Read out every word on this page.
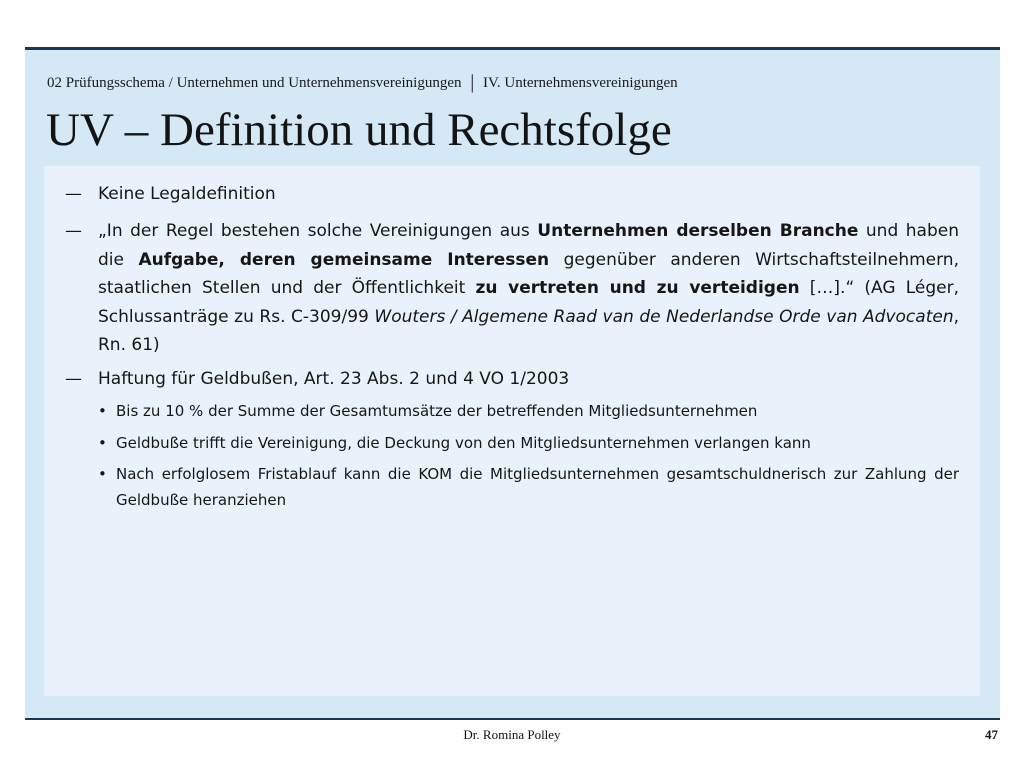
02 Prüfungsschema / Unternehmen und Unternehmensvereinigungen | IV. Unternehmensvereinigungen
UV – Definition und Rechtsfolge
— Keine Legaldefinition
— „In der Regel bestehen solche Vereinigungen aus Unternehmen derselben Branche und haben die Aufgabe, deren gemeinsame Interessen gegenüber anderen Wirtschaftsteilnehmern, staatlichen Stellen und der Öffentlichkeit zu vertreten und zu verteidigen […].“ (AG Léger, Schlussanträge zu Rs. C-309/99 Wouters / Algemene Raad van de Nederlandse Orde van Advocaten, Rn. 61)
— Haftung für Geldbußen, Art. 23 Abs. 2 und 4 VO 1/2003
• Bis zu 10 % der Summe der Gesamtumsätze der betreffenden Mitgliedsunternehmen
• Geldbuße trifft die Vereinigung, die Deckung von den Mitgliedsunternehmen verlangen kann
• Nach erfolglosem Fristablauf kann die KOM die Mitgliedsunternehmen gesamtschuldnerisch zur Zahlung der Geldbuße heranziehen
Dr. Romina Polley	47
